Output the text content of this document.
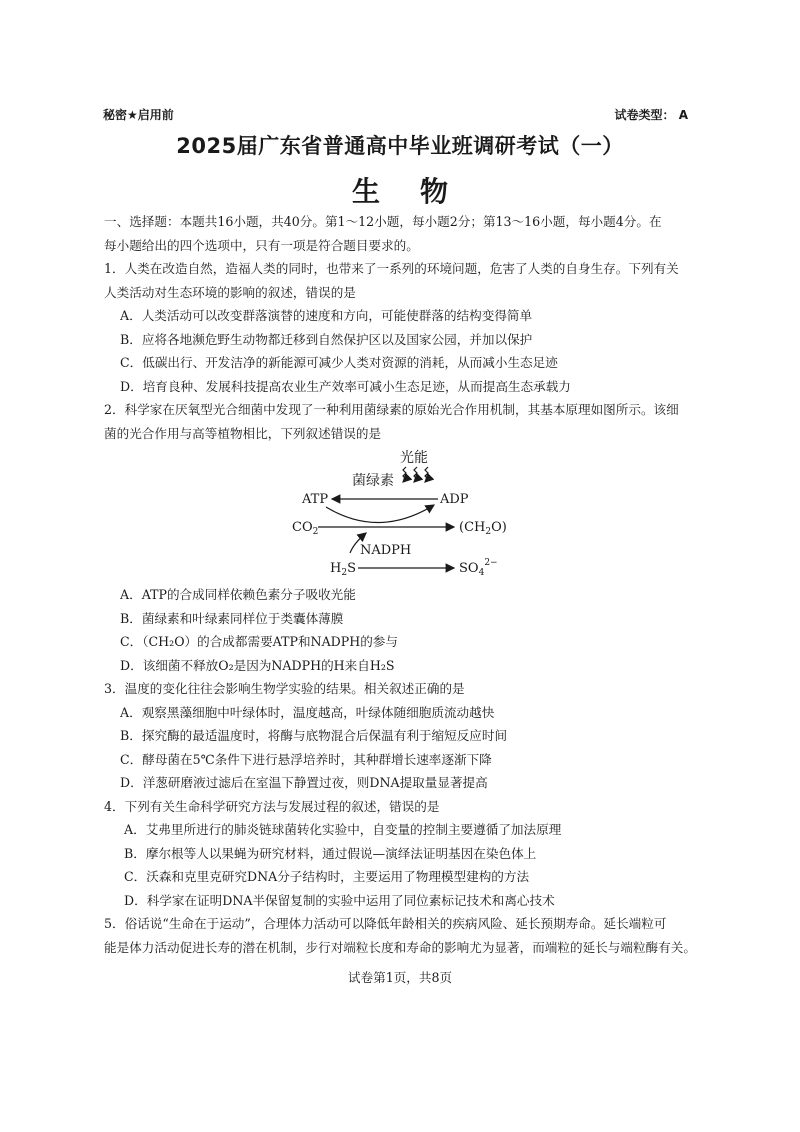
秘密★启用前	试卷类型： A
2025届广东省普通高中毕业班调研考试（一）
生物

一、选择题：本题共16小题，共40分。第1～12小题，每小题2分；第13～16小题，每小题4分。在

每小题给出的四个选项中，只有一项是符合题目要求的。

1．人类在改造自然，造福人类的同时，也带来了一系列的环境问题，危害了人类的自身生存。下列有关

人类活动对生态环境的影响的叙述，错误的是

A．人类活动可以改变群落演替的速度和方向，可能使群落的结构变得简单

B．应将各地濒危野生动物都迁移到自然保护区以及国家公园，并加以保护

C．低碳出行、开发洁净的新能源可减少人类对资源的消耗，从而减小生态足迹

D．培育良种、发展科技提高农业生产效率可减小生态足迹，从而提高生态承载力

2．科学家在厌氧型光合细菌中发现了一种利用菌绿素的原始光合作用机制，其基本原理如图所示。该细

菌的光合作用与高等植物相比，下列叙述错误的是

光能
菌绿素
ATP	ADP
$CO_2$	$(CH_2O)$
NADPH
$H_2S$	$SO_4^{2-}$

A．ATP的合成同样依赖色素分子吸收光能

B．菌绿素和叶绿素同样位于类囊体薄膜

C．（CH₂O）的合成都需要ATP和NADPH的参与

D．该细菌不释放O₂是因为NADPH的H来自H₂S

3．温度的变化往往会影响生物学实验的结果。相关叙述正确的是

A．观察黑藻细胞中叶绿体时，温度越高，叶绿体随细胞质流动越快

B．探究酶的最适温度时，将酶与底物混合后保温有利于缩短反应时间

C．酵母菌在5℃条件下进行悬浮培养时，其种群增长速率逐渐下降

D．洋葱研磨液过滤后在室温下静置过夜，则DNA提取量显著提高

4．下列有关生命科学研究方法与发展过程的叙述，错误的是

A．艾弗里所进行的肺炎链球菌转化实验中，自变量的控制主要遵循了加法原理

B．摩尔根等人以果蝇为研究材料，通过假说—演绎法证明基因在染色体上

C．沃森和克里克研究DNA分子结构时，主要运用了物理模型建构的方法

D．科学家在证明DNA半保留复制的实验中运用了同位素标记技术和离心技术

5．俗话说“生命在于运动”，合理体力活动可以降低年龄相关的疾病风险、延长预期寿命。延长端粒可

能是体力活动促进长寿的潜在机制，步行对端粒长度和寿命的影响尤为显著，而端粒的延长与端粒酶有关。

试卷第1页，共8页
